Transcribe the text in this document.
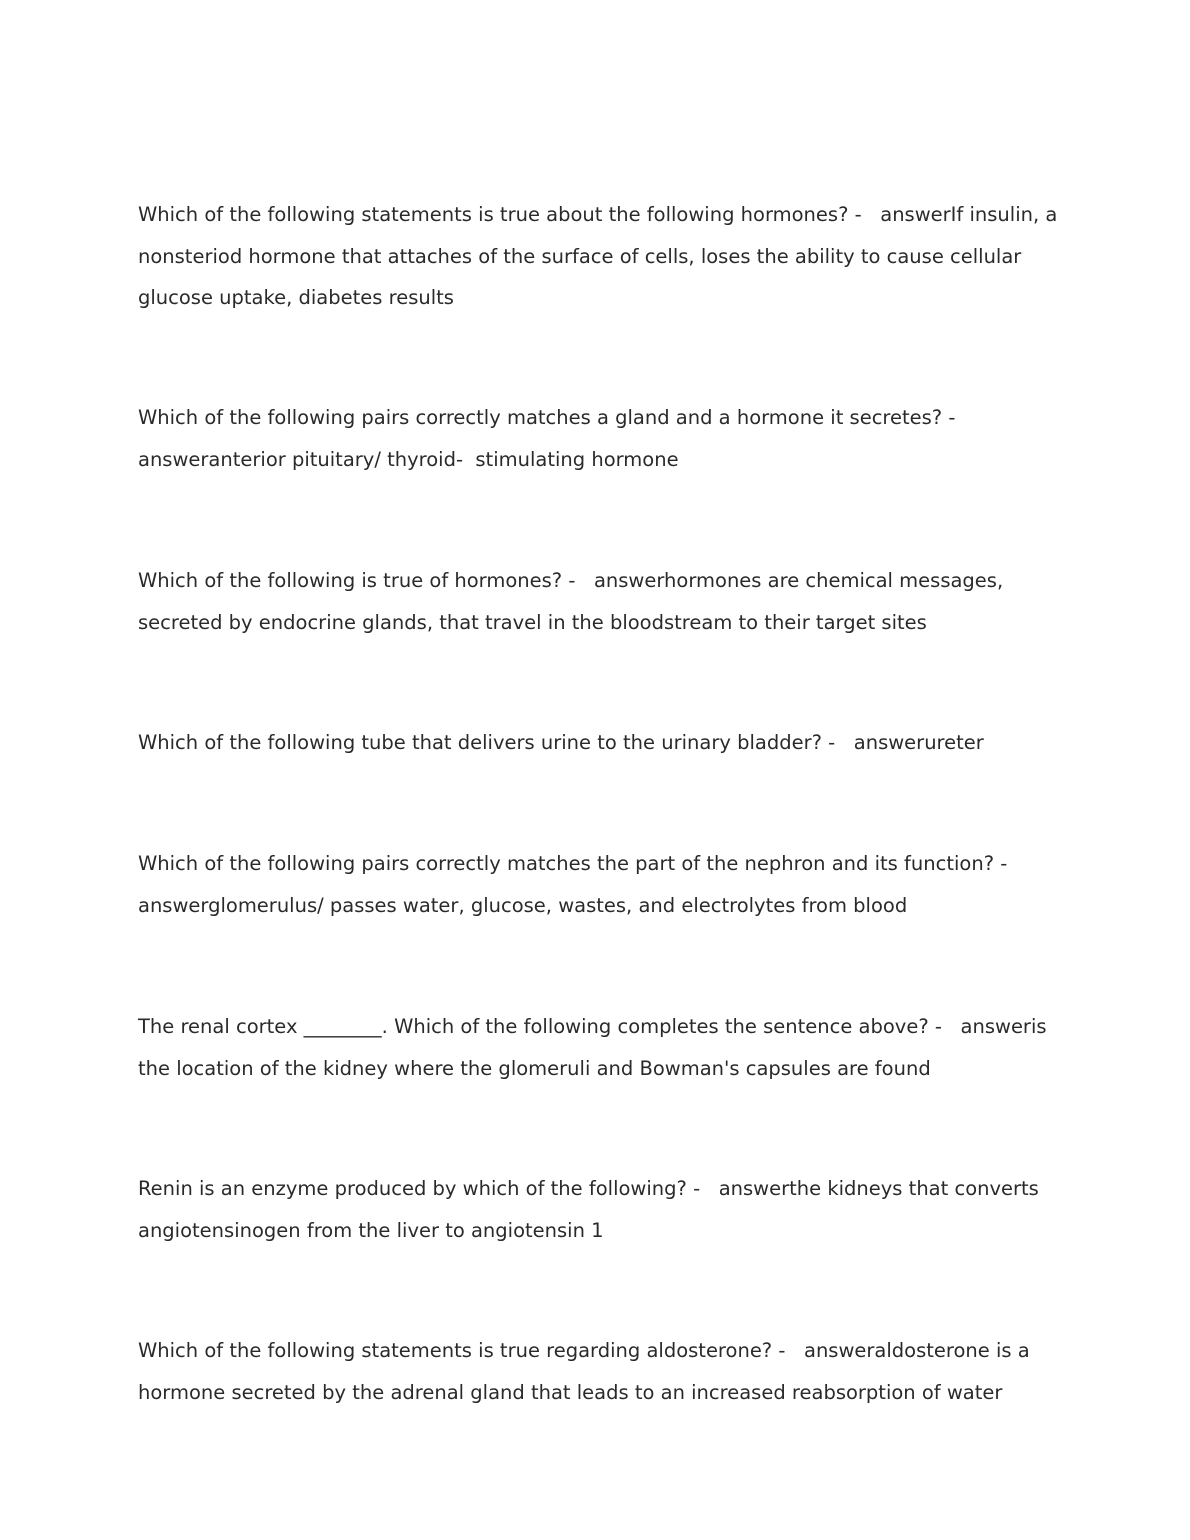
Which of the following statements is true about the following hormones? -   answerIf insulin, a nonsteriod hormone that attaches of the surface of cells, loses the ability to cause cellular glucose uptake, diabetes results

Which of the following pairs correctly matches a gland and a hormone it secretes? -   answeranterior pituitary/ thyroid-  stimulating hormone

Which of the following is true of hormones? -   answerhormones are chemical messages, secreted by endocrine glands, that travel in the bloodstream to their target sites

Which of the following tube that delivers urine to the urinary bladder? -   answerureter

Which of the following pairs correctly matches the part of the nephron and its function? -   answerglomerulus/ passes water, glucose, wastes, and electrolytes from blood

The renal cortex ________. Which of the following completes the sentence above? -   answeris the location of the kidney where the glomeruli and Bowman's capsules are found

Renin is an enzyme produced by which of the following? -   answerthe kidneys that converts angiotensinogen from the liver to angiotensin 1

Which of the following statements is true regarding aldosterone? -   answeraldosterone is a hormone secreted by the adrenal gland that leads to an increased reabsorption of water
